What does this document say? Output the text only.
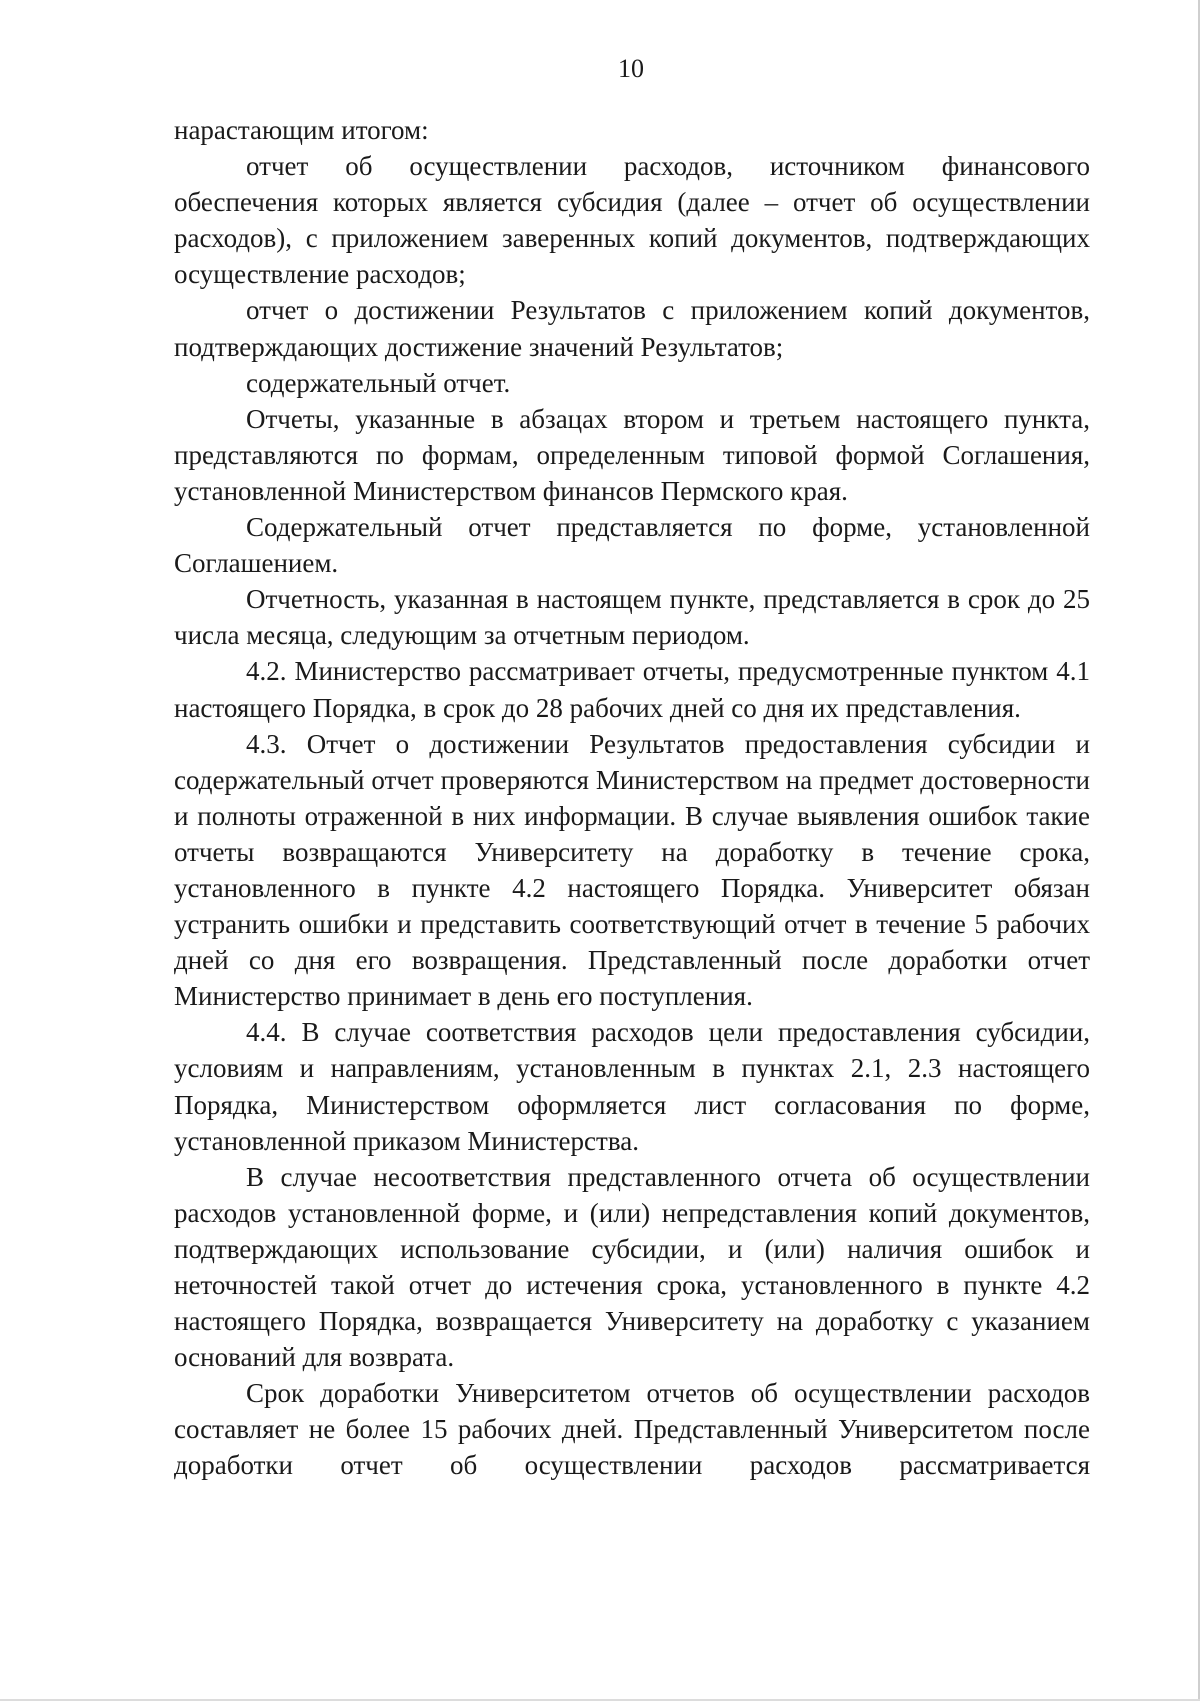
10

нарастающим итогом:

отчет об осуществлении расходов, источником финансового обеспечения которых является субсидия (далее – отчет об осуществлении расходов), с приложением заверенных копий документов, подтверждающих осуществление расходов;

отчет о достижении Результатов с приложением копий документов, подтверждающих достижение значений Результатов;

содержательный отчет.

Отчеты, указанные в абзацах втором и третьем настоящего пункта, представляются по формам, определенным типовой формой Соглашения, установленной Министерством финансов Пермского края.

Содержательный отчет представляется по форме, установленной Соглашением.

Отчетность, указанная в настоящем пункте, представляется в срок до 25 числа месяца, следующим за отчетным периодом.

4.2. Министерство рассматривает отчеты, предусмотренные пунктом 4.1 настоящего Порядка, в срок до 28 рабочих дней со дня их представления.

4.3. Отчет о достижении Результатов предоставления субсидии и содержательный отчет проверяются Министерством на предмет достоверности и полноты отраженной в них информации. В случае выявления ошибок такие отчеты возвращаются Университету на доработку в течение срока, установленного в пункте 4.2 настоящего Порядка. Университет обязан устранить ошибки и представить соответствующий отчет в течение 5 рабочих дней со дня его возвращения. Представленный после доработки отчет Министерство принимает в день его поступления.

4.4. В случае соответствия расходов цели предоставления субсидии, условиям и направлениям, установленным в пунктах 2.1, 2.3 настоящего Порядка, Министерством оформляется лист согласования по форме, установленной приказом Министерства.

В случае несоответствия представленного отчета об осуществлении расходов установленной форме, и (или) непредставления копий документов, подтверждающих использование субсидии, и (или) наличия ошибок и неточностей такой отчет до истечения срока, установленного в пункте 4.2 настоящего Порядка, возвращается Университету на доработку с указанием оснований для возврата.

Срок доработки Университетом отчетов об осуществлении расходов составляет не более 15 рабочих дней. Представленный Университетом после доработки отчет об осуществлении расходов рассматривается
